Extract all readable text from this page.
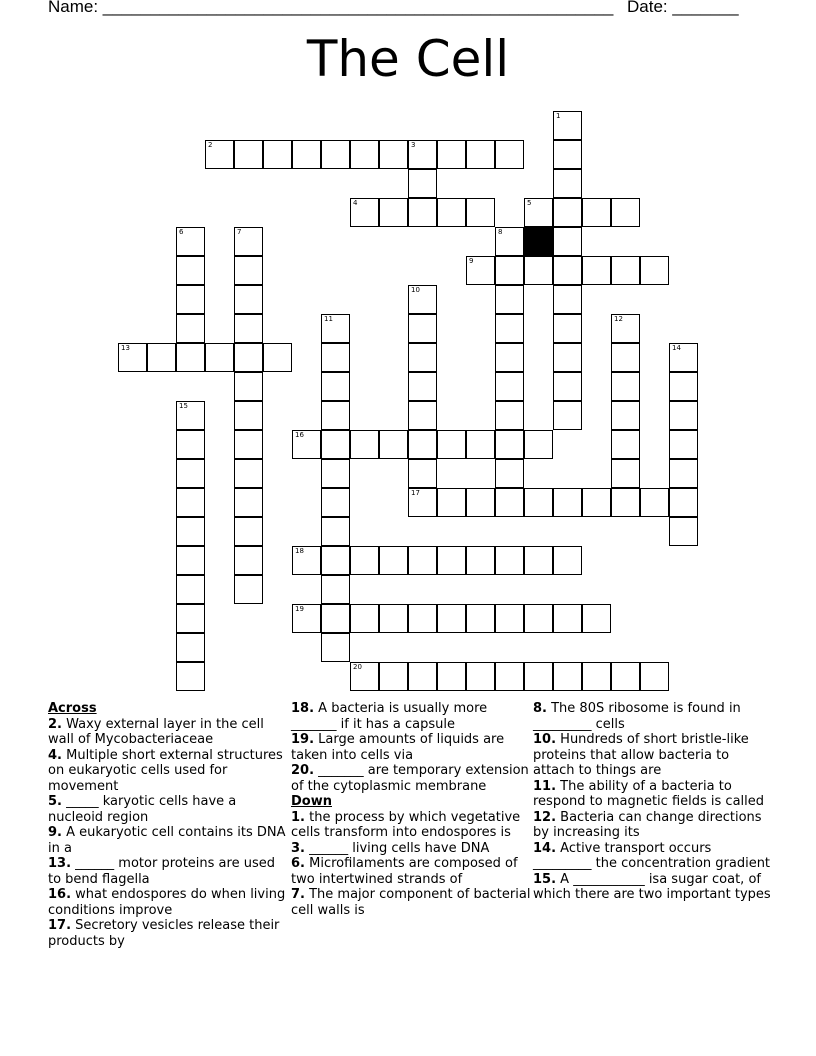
Name: ______________________________________________________ Date: _______
The Cell
1
2	3
4	5
6	7	8
9
10
17
11	12
13	14
15
16
18
19
20
Across
2. Waxy external layer in the cell wall of Mycobacteriaceae
4. Multiple short external structures on eukaryotic cells used for movement
5. _____ karyotic cells have a nucleoid region
9. A eukaryotic cell contains its DNA in a
13. ______ motor proteins are used to bend flagella
16. what endospores do when living conditions improve
17. Secretory vesicles release their products by
18. A bacteria is usually more _______ if it has a capsule
19. Large amounts of liquids are taken into cells via
20. _______ are temporary extension of the cytoplasmic membrane
Down
1. the process by which vegetative cells transform into endospores is
3. ______ living cells have DNA
6. Microfilaments are composed of two intertwined strands of
7. The major component of bacterial cell walls is
8. The 80S ribosome is found in _________ cells
10. Hundreds of short bristle-like proteins that allow bacteria to attach to things are
11. The ability of a bacteria to respond to magnetic fields is called
12. Bacteria can change directions by increasing its
14. Active transport occurs _________ the concentration gradient
15. A ___________ isa sugar coat, of which there are two important types
